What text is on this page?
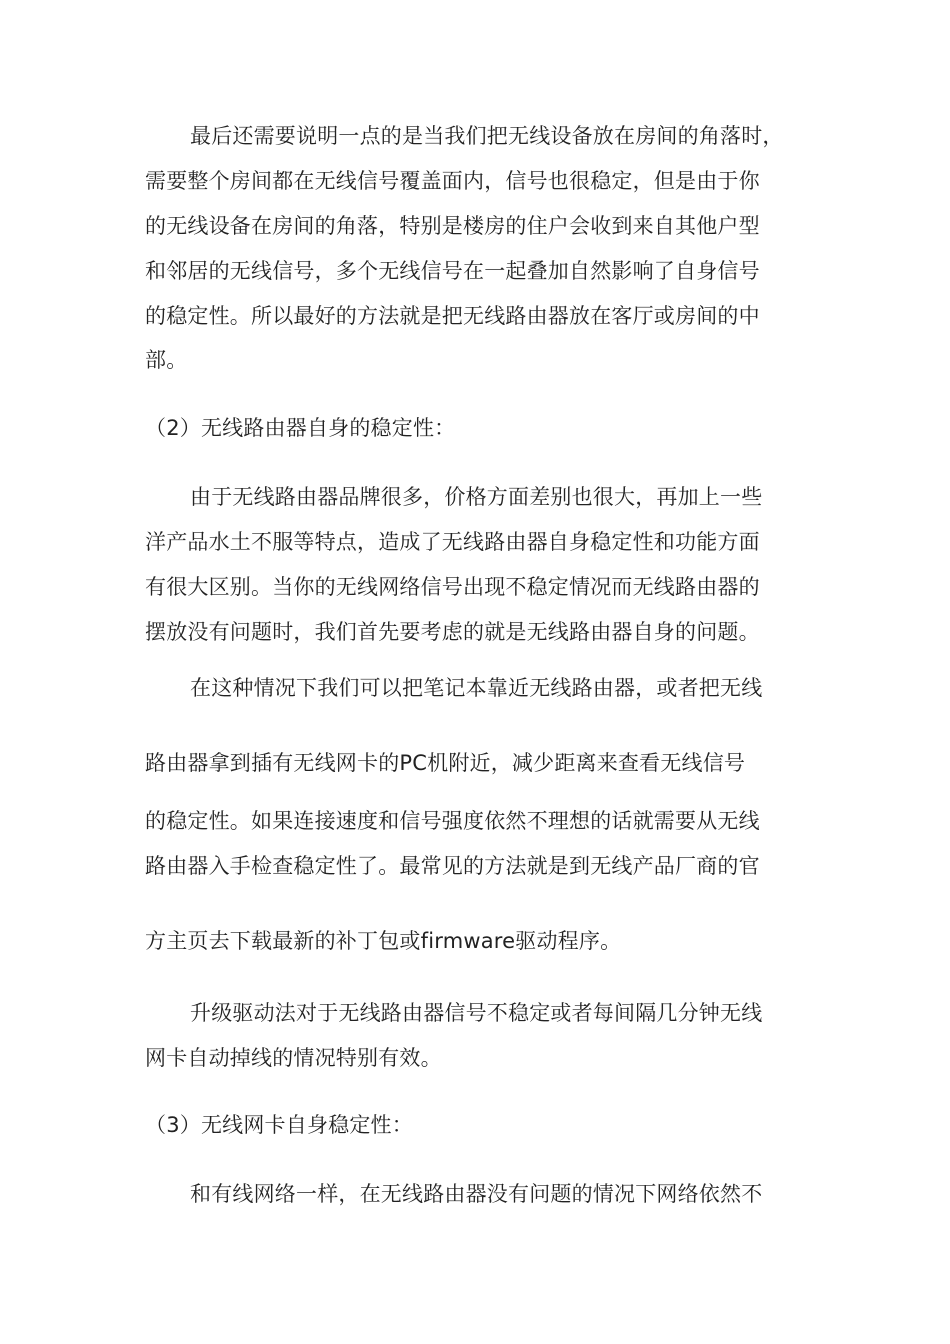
最后还需要说明一点的是当我们把无线设备放在房间的角落时，
需要整个房间都在无线信号覆盖面内，信号也很稳定，但是由于你
的无线设备在房间的角落，特别是楼房的住户会收到来自其他户型
和邻居的无线信号，多个无线信号在一起叠加自然影响了自身信号
的稳定性。所以最好的方法就是把无线路由器放在客厅或房间的中
部。
（2）无线路由器自身的稳定性：
由于无线路由器品牌很多，价格方面差别也很大，再加上一些
洋产品水土不服等特点，造成了无线路由器自身稳定性和功能方面
有很大区别。当你的无线网络信号出现不稳定情况而无线路由器的
摆放没有问题时，我们首先要考虑的就是无线路由器自身的问题。
在这种情况下我们可以把笔记本靠近无线路由器，或者把无线
路由器拿到插有无线网卡的PC机附近，减少距离来查看无线信号
的稳定性。如果连接速度和信号强度依然不理想的话就需要从无线
路由器入手检查稳定性了。最常见的方法就是到无线产品厂商的官
方主页去下载最新的补丁包或firmware驱动程序。
升级驱动法对于无线路由器信号不稳定或者每间隔几分钟无线
网卡自动掉线的情况特别有效。
（3）无线网卡自身稳定性：
和有线网络一样，在无线路由器没有问题的情况下网络依然不
